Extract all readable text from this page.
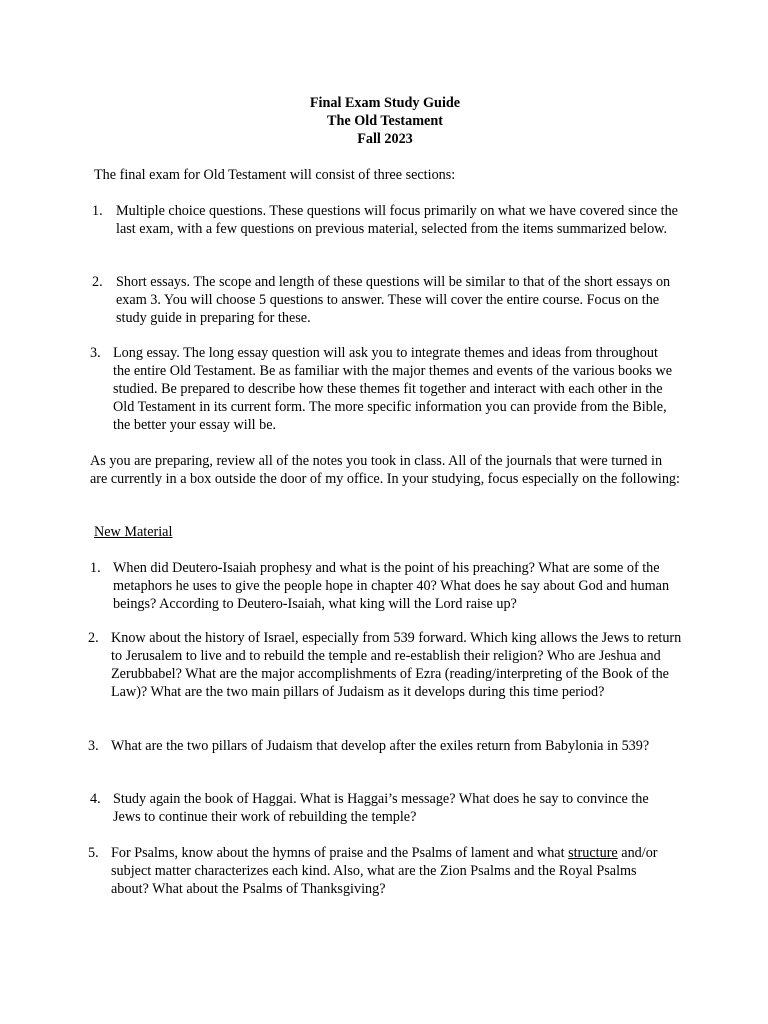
Final Exam Study Guide
The Old Testament
Fall 2023
The final exam for Old Testament will consist of three sections:
1. Multiple choice questions. These questions will focus primarily on what we have covered since the last exam, with a few questions on previous material, selected from the items summarized below.
2. Short essays. The scope and length of these questions will be similar to that of the short essays on exam 3. You will choose 5 questions to answer. These will cover the entire course. Focus on the study guide in preparing for these.
3. Long essay. The long essay question will ask you to integrate themes and ideas from throughout the entire Old Testament. Be as familiar with the major themes and events of the various books we studied. Be prepared to describe how these themes fit together and interact with each other in the Old Testament in its current form. The more specific information you can provide from the Bible, the better your essay will be.
As you are preparing, review all of the notes you took in class. All of the journals that were turned in are currently in a box outside the door of my office. In your studying, focus especially on the following:
New Material
1. When did Deutero-Isaiah prophesy and what is the point of his preaching? What are some of the metaphors he uses to give the people hope in chapter 40? What does he say about God and human beings? According to Deutero-Isaiah, what king will the Lord raise up?
2. Know about the history of Israel, especially from 539 forward. Which king allows the Jews to return to Jerusalem to live and to rebuild the temple and re-establish their religion? Who are Jeshua and Zerubbabel? What are the major accomplishments of Ezra (reading/interpreting of the Book of the Law)? What are the two main pillars of Judaism as it develops during this time period?
3. What are the two pillars of Judaism that develop after the exiles return from Babylonia in 539?
4. Study again the book of Haggai. What is Haggai’s message? What does he say to convince the Jews to continue their work of rebuilding the temple?
5. For Psalms, know about the hymns of praise and the Psalms of lament and what structure and/or subject matter characterizes each kind. Also, what are the Zion Psalms and the Royal Psalms about? What about the Psalms of Thanksgiving?
